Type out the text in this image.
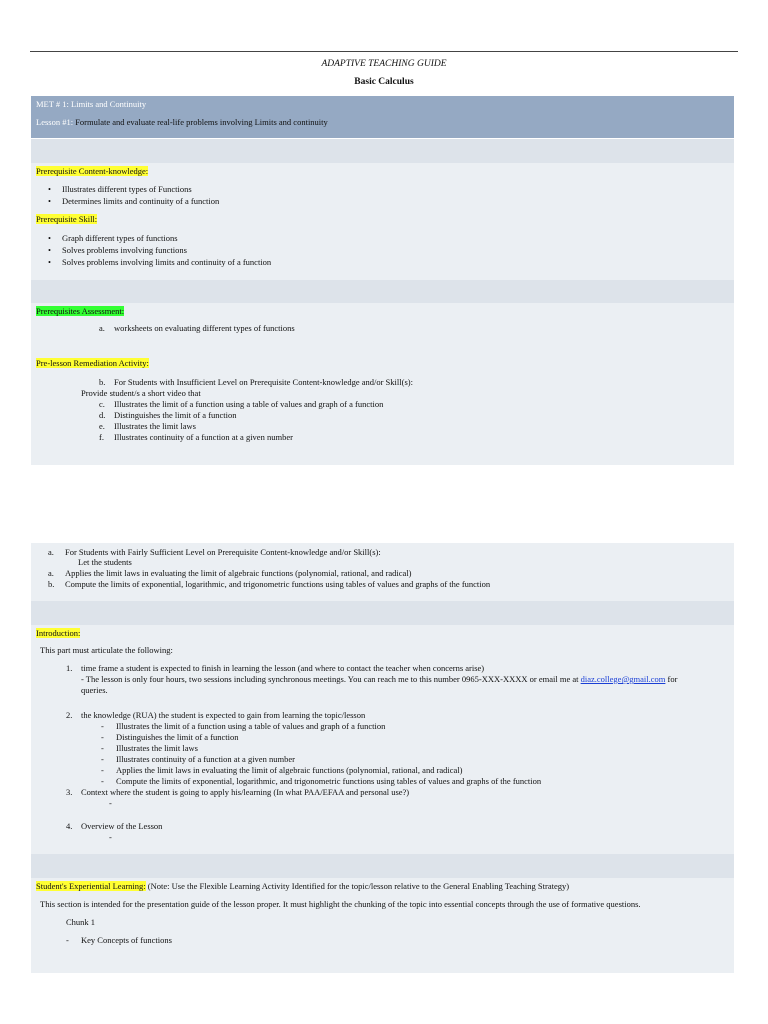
ADAPTIVE TEACHING GUIDE
Basic Calculus
MET # 1: Limits and Continuity
Lesson #1: Formulate and evaluate real-life problems involving Limits and continuity
Prerequisite Content-knowledge:
• Illustrates different types of Functions
• Determines limits and continuity of a function
Prerequisite Skill:
• Graph different types of functions
• Solves problems involving functions
• Solves problems involving limits and continuity of a function
Prerequisites Assessment:
a. worksheets on evaluating different types of functions
Pre-lesson Remediation Activity:
b. For Students with Insufficient Level on Prerequisite Content-knowledge and/or Skill(s):
Provide student/s a short video that
c. Illustrates the limit of a function using a table of values and graph of a function
d. Distinguishes the limit of a function
e. Illustrates the limit laws
f. Illustrates continuity of a function at a given number
a. For Students with Fairly Sufficient Level on Prerequisite Content-knowledge and/or Skill(s):
Let the students
a. Applies the limit laws in evaluating the limit of algebraic functions (polynomial, rational, and radical)
b. Compute the limits of exponential, logarithmic, and trigonometric functions using tables of values and graphs of the function
Introduction:
This part must articulate the following:
1. time frame a student is expected to finish in learning the lesson (and where to contact the teacher when concerns arise)
- The lesson is only four hours, two sessions including synchronous meetings. You can reach me to this number 0965-XXX-XXXX or email me at diaz.college@gmail.com for
queries.
2. the knowledge (RUA) the student is expected to gain from learning the topic/lesson
- Illustrates the limit of a function using a table of values and graph of a function
- Distinguishes the limit of a function
- Illustrates the limit laws
- Illustrates continuity of a function at a given number
- Applies the limit laws in evaluating the limit of algebraic functions (polynomial, rational, and radical)
- Compute the limits of exponential, logarithmic, and trigonometric functions using tables of values and graphs of the function
3. Context where the student is going to apply his/learning (In what PAA/EFAA and personal use?)
-
4. Overview of the Lesson
-
Student's Experiential Learning: (Note: Use the Flexible Learning Activity Identified for the topic/lesson relative to the General Enabling Teaching Strategy)
This section is intended for the presentation guide of the lesson proper. It must highlight the chunking of the topic into essential concepts through the use of formative questions.
Chunk 1
- Key Concepts of functions
